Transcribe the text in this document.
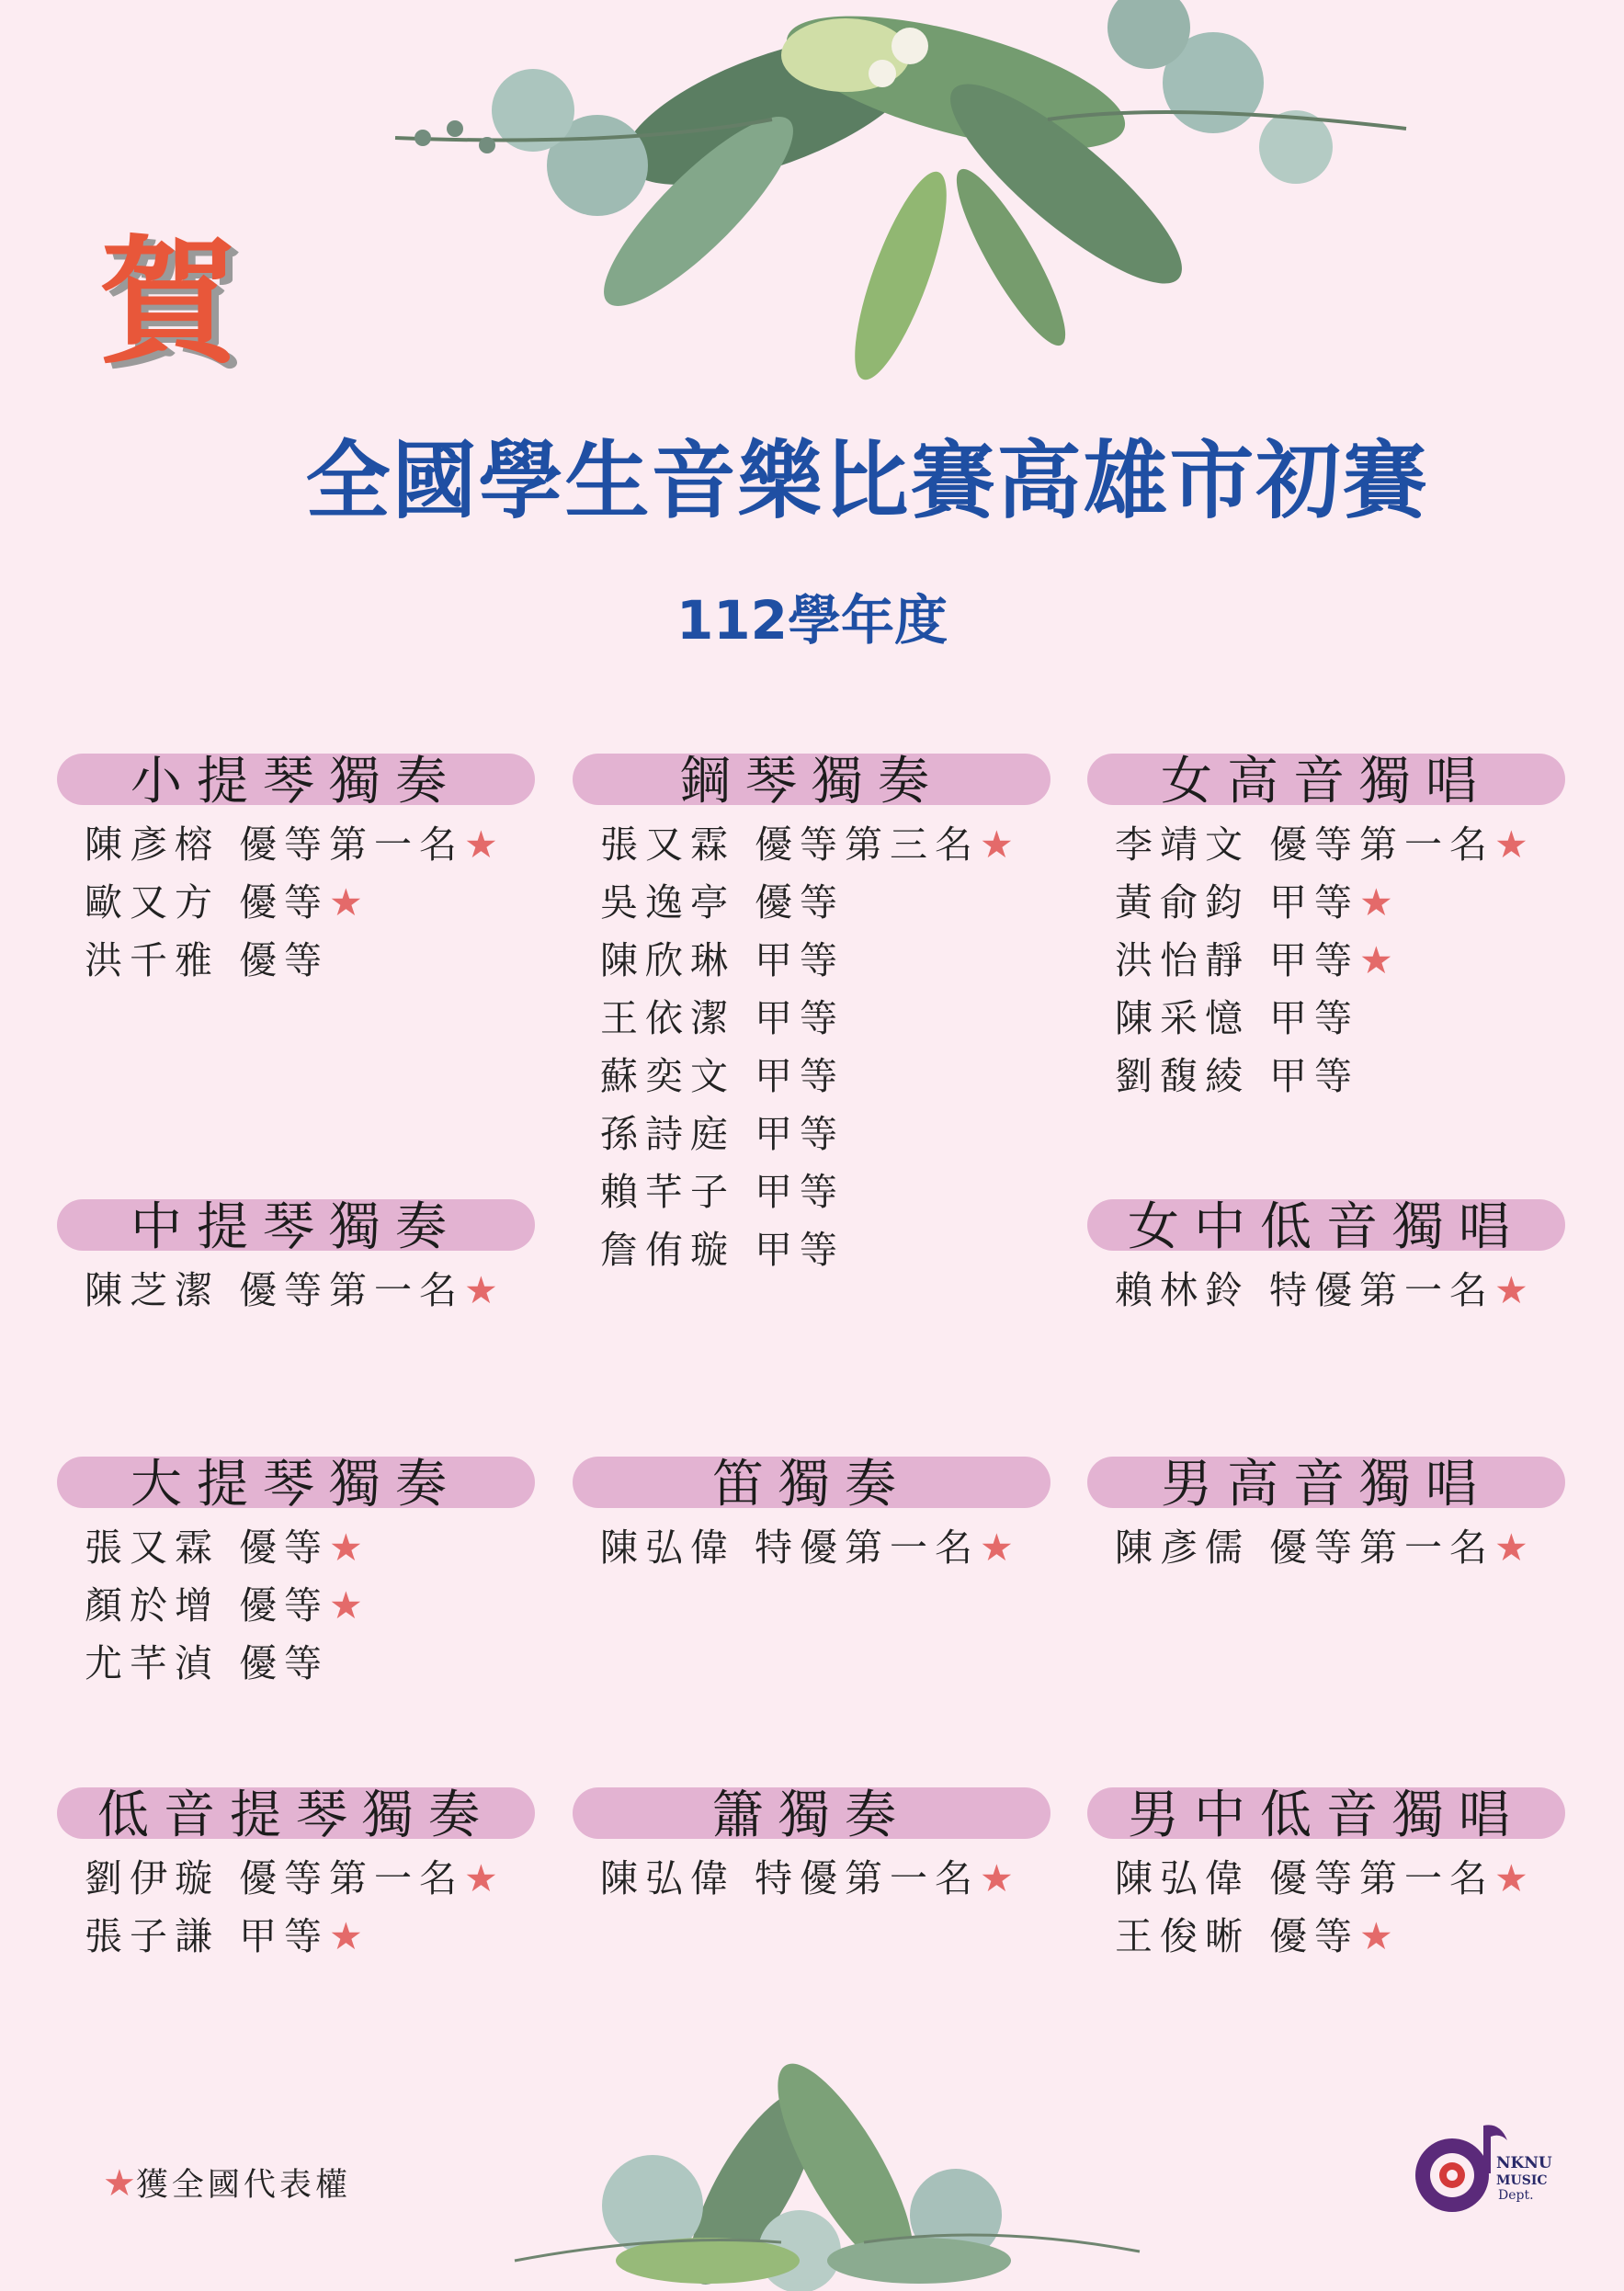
賀
全國學生音樂比賽高雄市初賽
112學年度
小提琴獨奏
陳彥榕 優等第一名★
歐又方 優等★
洪千雅 優等
鋼琴獨奏
張又霖 優等第三名★
吳逸亭 優等
陳欣琳 甲等
王依潔 甲等
蘇奕文 甲等
孫詩庭 甲等
賴芊子 甲等
詹侑璇 甲等
女高音獨唱
李靖文 優等第一名★
黃俞鈞 甲等★
洪怡靜 甲等★
陳采憶 甲等
劉馥綾 甲等
中提琴獨奏
陳芝潔 優等第一名★
女中低音獨唱
賴林鈴 特優第一名★
大提琴獨奏
張又霖 優等★
顏於增 優等★
尤芊湞 優等
笛獨奏
陳弘偉 特優第一名★
男高音獨唱
陳彥儒 優等第一名★
低音提琴獨奏
劉伊璇 優等第一名★
張子謙 甲等★
簫獨奏
陳弘偉 特優第一名★
男中低音獨唱
陳弘偉 優等第一名★
王俊晰 優等★
★獲全國代表權
NKNU
MUSIC
Dept.
